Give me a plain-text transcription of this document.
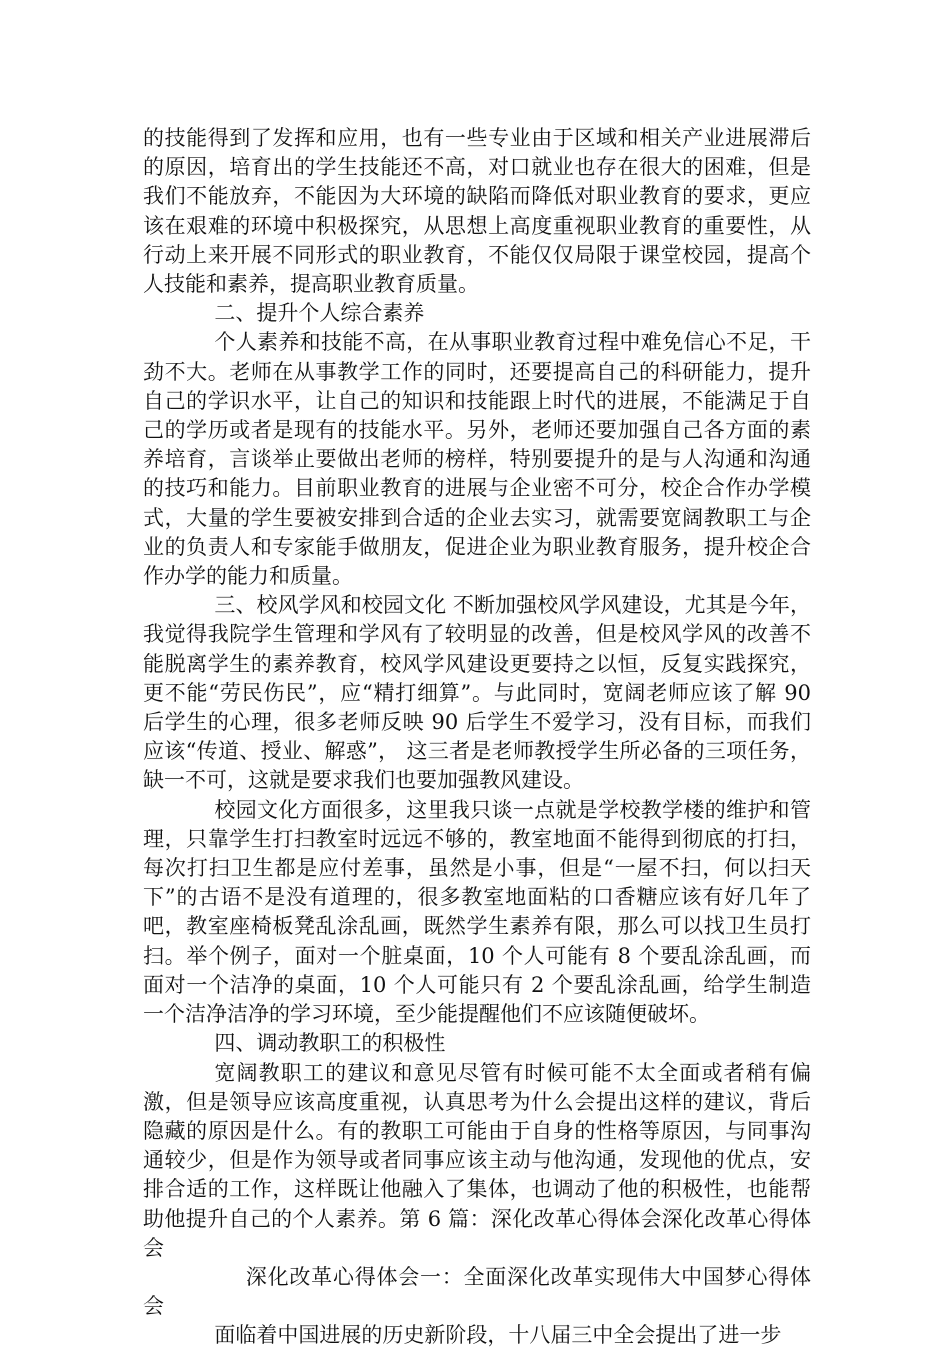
的技能得到了发挥和应用，也有一些专业由于区域和相关产业进展滞后的原因，培育出的学生技能还不高，对口就业也存在很大的困难，但是我们不能放弃，不能因为大环境的缺陷而降低对职业教育的要求，更应该在艰难的环境中积极探究，从思想上高度重视职业教育的重要性，从行动上来开展不同形式的职业教育，不能仅仅局限于课堂校园，提高个人技能和素养，提高职业教育质量。

二、提升个人综合素养

个人素养和技能不高，在从事职业教育过程中难免信心不足，干劲不大。老师在从事教学工作的同时，还要提高自己的科研能力，提升自己的学识水平，让自己的知识和技能跟上时代的进展，不能满足于自己的学历或者是现有的技能水平。另外，老师还要加强自己各方面的素养培育，言谈举止要做出老师的榜样，特别要提升的是与人沟通和沟通的技巧和能力。目前职业教育的进展与企业密不可分，校企合作办学模式，大量的学生要被安排到合适的企业去实习，就需要宽阔教职工与企业的负责人和专家能手做朋友，促进企业为职业教育服务，提升校企合作办学的能力和质量。

三、校风学风和校园文化 不断加强校风学风建设，尤其是今年，我觉得我院学生管理和学风有了较明显的改善，但是校风学风的改善不能脱离学生的素养教育，校风学风建设更要持之以恒，反复实践探究，更不能“劳民伤民”，应“精打细算”。与此同时，宽阔老师应该了解 90 后学生的心理，很多老师反映 90 后学生不爱学习，没有目标，而我们应该“传道、授业、解惑”， 这三者是老师教授学生所必备的三项任务，缺一不可，这就是要求我们也要加强教风建设。

校园文化方面很多，这里我只谈一点就是学校教学楼的维护和管理，只靠学生打扫教室时远远不够的，教室地面不能得到彻底的打扫，每次打扫卫生都是应付差事，虽然是小事，但是“一屋不扫，何以扫天下”的古语不是没有道理的，很多教室地面粘的口香糖应该有好几年了吧，教室座椅板凳乱涂乱画，既然学生素养有限，那么可以找卫生员打扫。举个例子，面对一个脏桌面，10 个人可能有 8 个要乱涂乱画，而面对一个洁净的桌面，10 个人可能只有 2 个要乱涂乱画，给学生制造一个洁净洁净的学习环境，至少能提醒他们不应该随便破坏。

四、调动教职工的积极性

宽阔教职工的建议和意见尽管有时候可能不太全面或者稍有偏激，但是领导应该高度重视，认真思考为什么会提出这样的建议，背后隐藏的原因是什么。有的教职工可能由于自身的性格等原因，与同事沟通较少，但是作为领导或者同事应该主动与他沟通，发现他的优点，安排合适的工作，这样既让他融入了集体，也调动了他的积极性，也能帮助他提升自己的个人素养。第 6 篇：深化改革心得体会深化改革心得体会

深化改革心得体会一：全面深化改革实现伟大中国梦心得体会

面临着中国进展的历史新阶段，十八届三中全会提出了进一步
